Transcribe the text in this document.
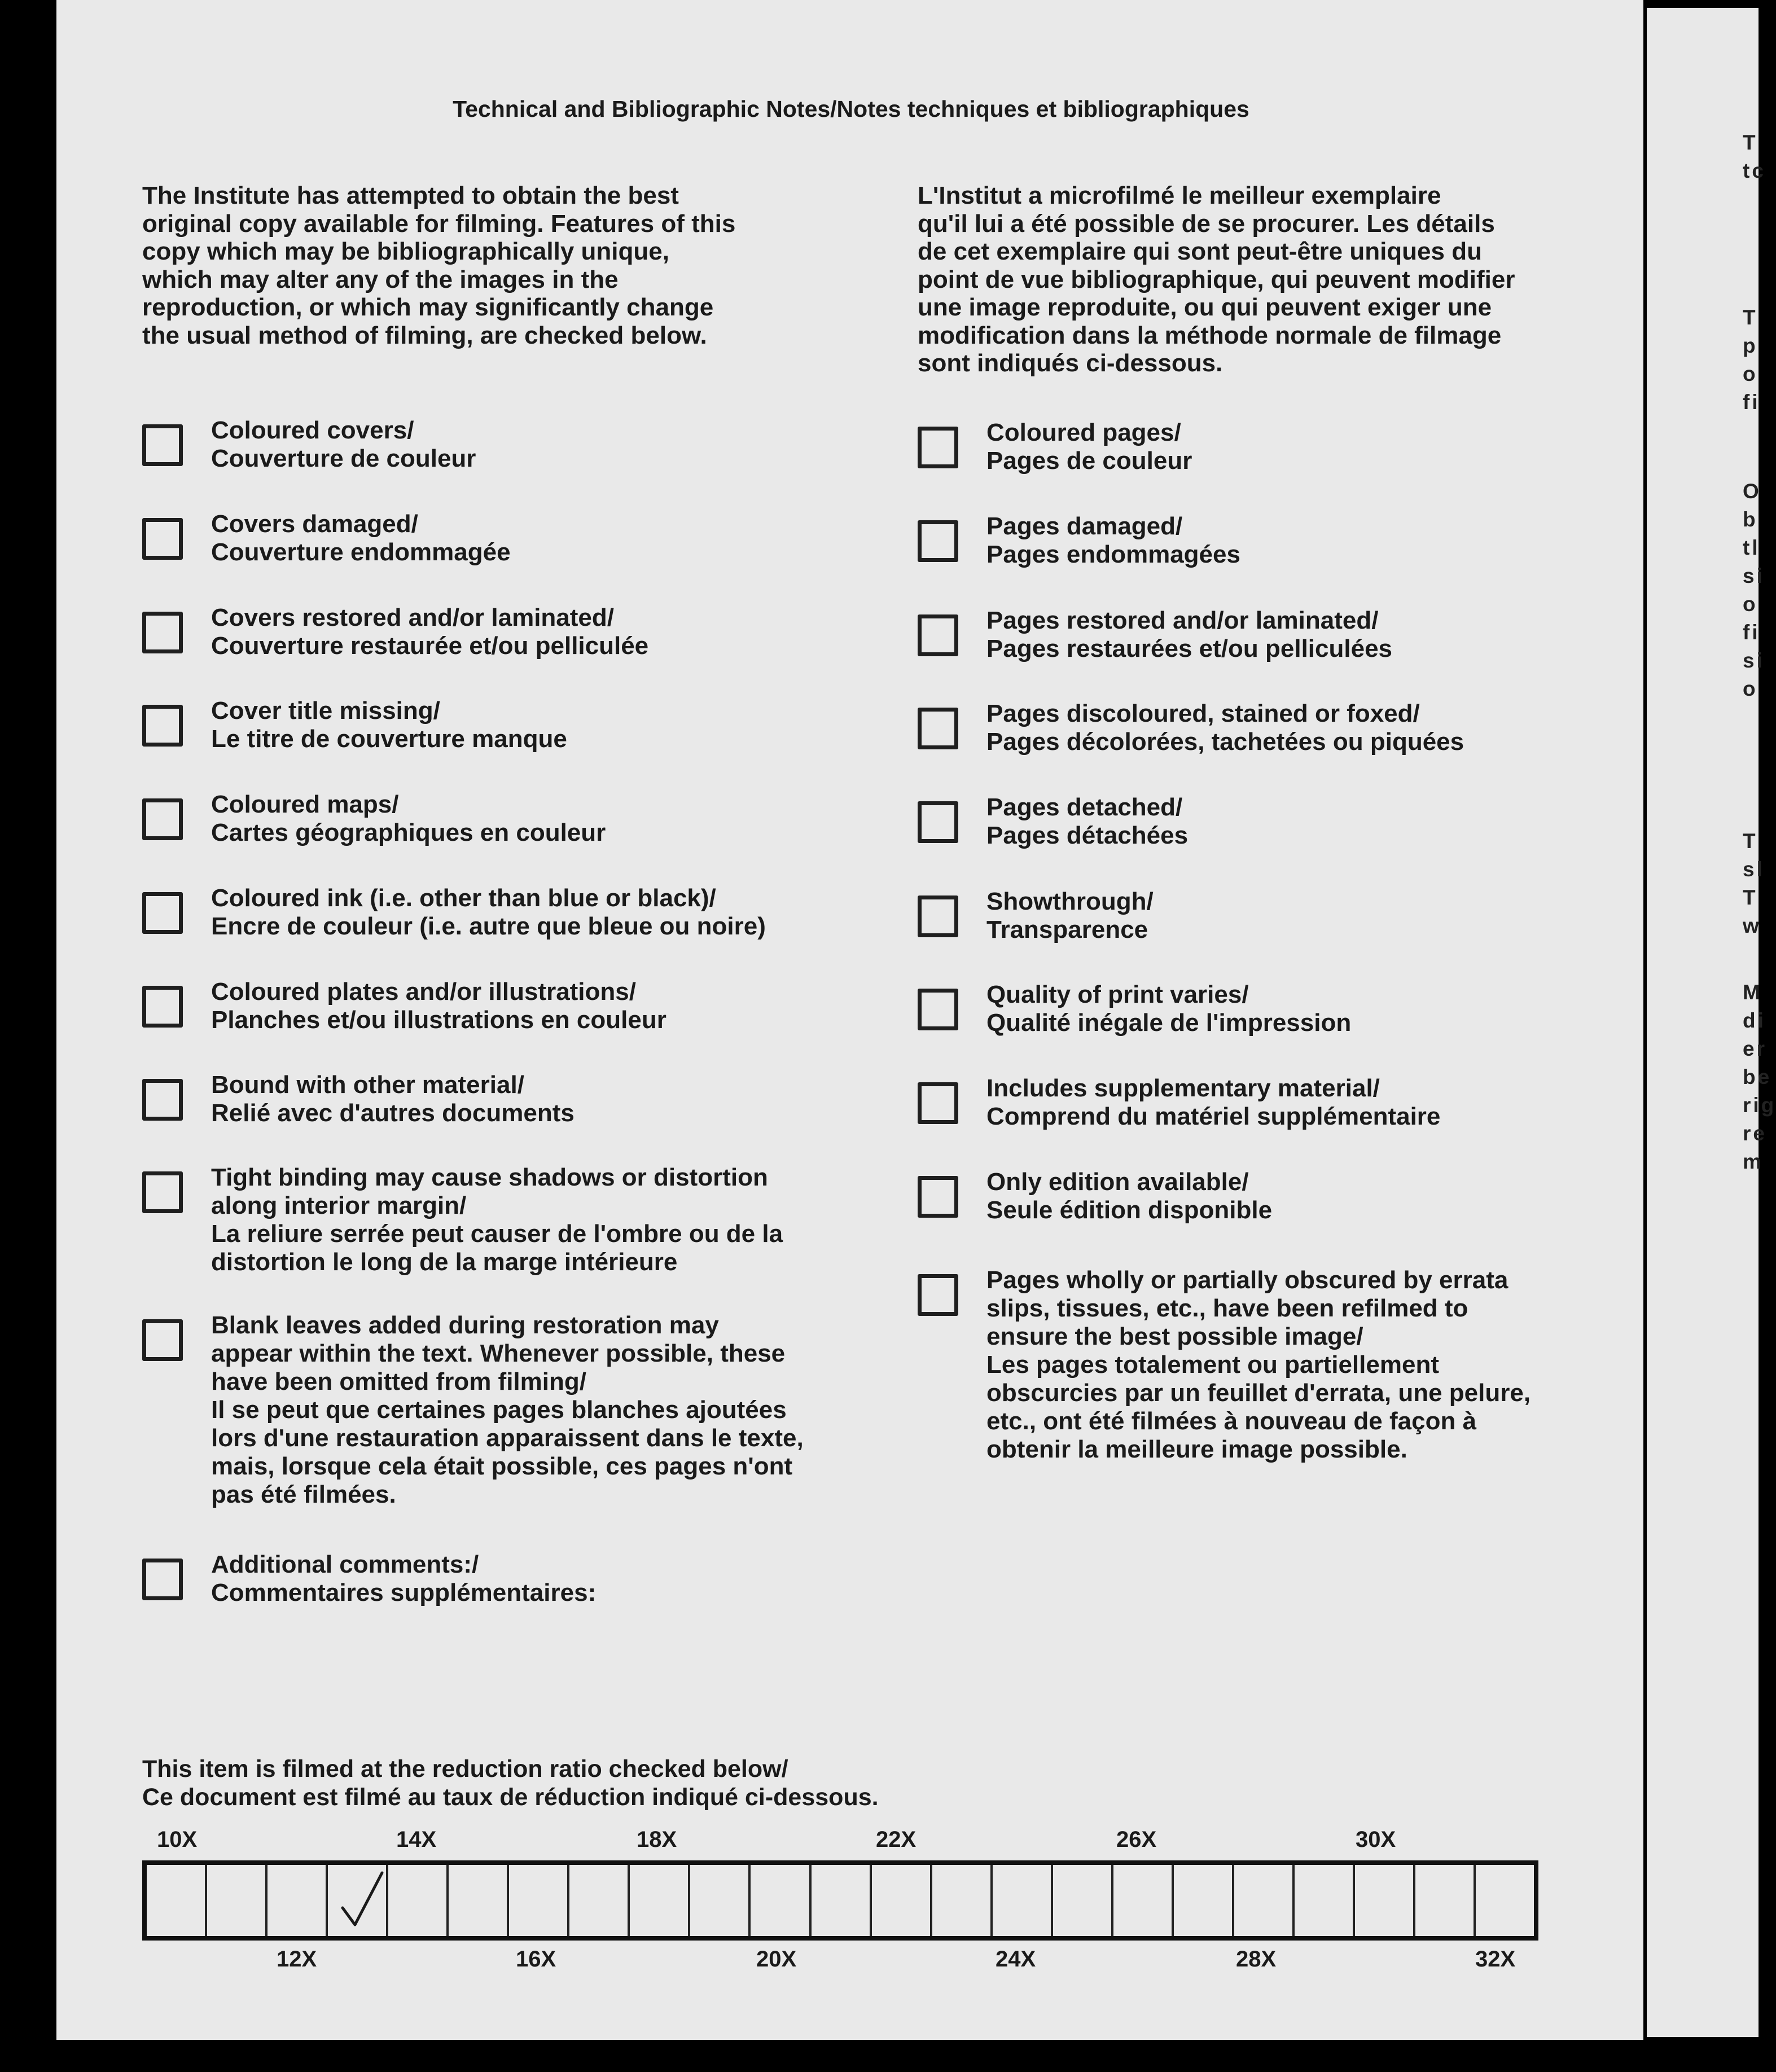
T
tc
T
p
o
fi
O
b
tl
si
o
fi
si
o
T
sl
T
w
M
di
er
be
rig
re
m
Technical and Bibliographic Notes/Notes techniques et bibliographiques

The Institute has attempted to obtain the best
original copy available for filming. Features of this
copy which may be bibliographically unique,
which may alter any of the images in the
reproduction, or which may significantly change
the usual method of filming, are checked below.

L'Institut a microfilmé le meilleur exemplaire
qu'il lui a été possible de se procurer. Les détails
de cet exemplaire qui sont peut-être uniques du
point de vue bibliographique, qui peuvent modifier
une image reproduite, ou qui peuvent exiger une
modification dans la méthode normale de filmage
sont indiqués ci-dessous.

Coloured covers/
Couverture de couleur
Covers damaged/
Couverture endommagée
Covers restored and/or laminated/
Couverture restaurée et/ou pelliculée
Cover title missing/
Le titre de couverture manque
Coloured maps/
Cartes géographiques en couleur
Coloured ink (i.e. other than blue or black)/
Encre de couleur (i.e. autre que bleue ou noire)
Coloured plates and/or illustrations/
Planches et/ou illustrations en couleur
Bound with other material/
Relié avec d'autres documents
Tight binding may cause shadows or distortion
along interior margin/
La reliure serrée peut causer de l'ombre ou de la
distortion le long de la marge intérieure
Blank leaves added during restoration may
appear within the text. Whenever possible, these
have been omitted from filming/
Il se peut que certaines pages blanches ajoutées
lors d'une restauration apparaissent dans le texte,
mais, lorsque cela était possible, ces pages n'ont
pas été filmées.
Additional comments:/
Commentaires supplémentaires:
Coloured pages/
Pages de couleur
Pages damaged/
Pages endommagées
Pages restored and/or laminated/
Pages restaurées et/ou pelliculées
Pages discoloured, stained or foxed/
Pages décolorées, tachetées ou piquées
Pages detached/
Pages détachées
Showthrough/
Transparence
Quality of print varies/
Qualité inégale de l'impression
Includes supplementary material/
Comprend du matériel supplémentaire
Only edition available/
Seule édition disponible
Pages wholly or partially obscured by errata
slips, tissues, etc., have been refilmed to
ensure the best possible image/
Les pages totalement ou partiellement
obscurcies par un feuillet d'errata, une pelure,
etc., ont été filmées à nouveau de façon à
obtenir la meilleure image possible.
This item is filmed at the reduction ratio checked below/
Ce document est filmé au taux de réduction indiqué ci-dessous.
10X	14X	18X	22X	26X	30X
12X	16X	20X	24X	28X	32X
